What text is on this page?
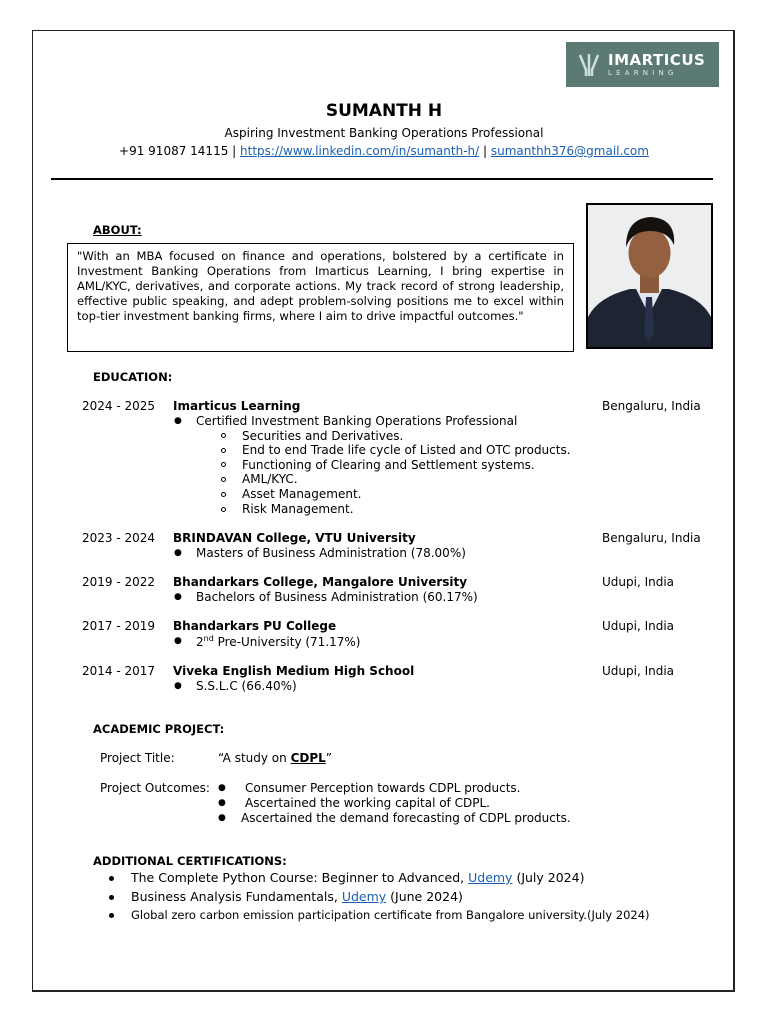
IMARTICUS
LEARNING
SUMANTH H
Aspiring Investment Banking Operations Professional
+91 91087 14115 | https://www.linkedin.com/in/sumanth-h/ | sumanthh376@gmail.com
ABOUT:
"With an MBA focused on finance and operations, bolstered by a certificate in Investment Banking Operations from Imarticus Learning, I bring expertise in AML/KYC, derivatives, and corporate actions. My track record of strong leadership, effective public speaking, and adept problem-solving positions me to excel within top-tier investment banking firms, where I aim to drive impactful outcomes."
EDUCATION:
2024 - 2025 Imarticus Learning	Bengaluru, India
● Certified Investment Banking Operations Professional
Securities and Derivatives.
End to end Trade life cycle of Listed and OTC products.
Functioning of Clearing and Settlement systems.
AML/KYC.
Asset Management.
Risk Management.
2023 - 2024 BRINDAVAN College, VTU University	Bengaluru, India
● Masters of Business Administration (78.00%)
2019 - 2022 Bhandarkars College, Mangalore University	Udupi, India
● Bachelors of Business Administration (60.17%)
2017 - 2019 Bhandarkars PU College	Udupi, India
● 2nd Pre-University (71.17%)
2014 - 2017 Viveka English Medium High School	Udupi, India
● S.S.L.C (66.40%)
ACADEMIC PROJECT:
Project Title:	“A study on CDPL”
Project Outcomes: ● Consumer Perception towards CDPL products.
● Ascertained the working capital of CDPL.
● Ascertained the demand forecasting of CDPL products.
ADDITIONAL CERTIFICATIONS:
The Complete Python Course: Beginner to Advanced, Udemy (July 2024)
Business Analysis Fundamentals, Udemy (June 2024)
Global zero carbon emission participation certificate from Bangalore university.(July 2024)
